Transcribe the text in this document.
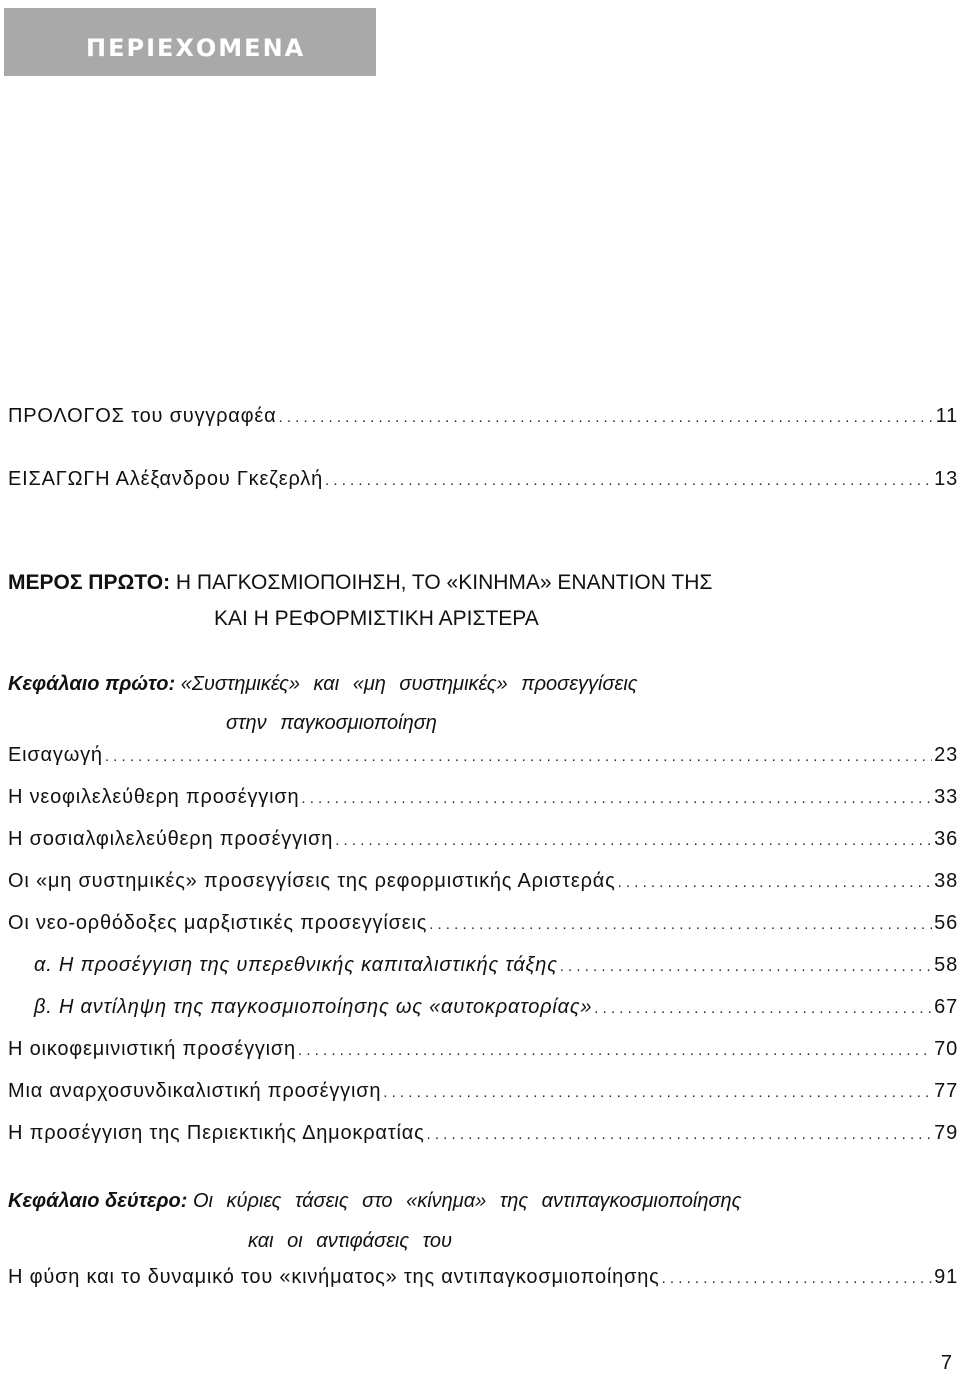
ΠΕΡΙΕΧΟΜΕΝΑ
ΠΡΟΛΟΓΟΣ του συγγραφέα . . .	11
ΕΙΣΑΓΩΓΗ Αλέξανδρου Γκεζερλή . . .	13
ΜΕΡΟΣ ΠΡΩΤΟ: Η ΠΑΓΚΟΣΜΙΟΠΟΙΗΣΗ, ΤΟ «ΚΙΝΗΜΑ» ΕΝΑΝΤΙΟΝ ΤΗΣ
ΚΑΙ Η ΡΕΦΟΡΜΙΣΤΙΚΗ ΑΡΙΣΤΕΡΑ
Κεφάλαιο πρώτο: «Συστημικές» και «μη συστημικές» προσεγγίσεις
στην παγκοσμιοποίηση
Εισαγωγή . . .	23
Η νεοφιλελεύθερη προσέγγιση . . .	33
Η σοσιαλφιλελεύθερη προσέγγιση . . .	36
Οι «μη συστημικές» προσεγγίσεις της ρεφορμιστικής Αριστεράς . . .	38
Οι νεο-ορθόδοξες μαρξιστικές προσεγγίσεις . . .	56
α. Η προσέγγιση της υπερεθνικής καπιταλιστικής τάξης . . .	58
β. Η αντίληψη της παγκοσμιοποίησης ως «αυτοκρατορίας» . . .	67
Η οικοφεμινιστική προσέγγιση . . .	70
Μια αναρχοσυνδικαλιστική προσέγγιση . . .	77
Η προσέγγιση της Περιεκτικής Δημοκρατίας . . .	79
Κεφάλαιο δεύτερο: Οι κύριες τάσεις στο «κίνημα» της αντιπαγκοσμιοποίησης
και οι αντιφάσεις του
Η φύση και το δυναμικό του «κινήματος» της αντιπαγκοσμιοποίησης . . .	91
7
